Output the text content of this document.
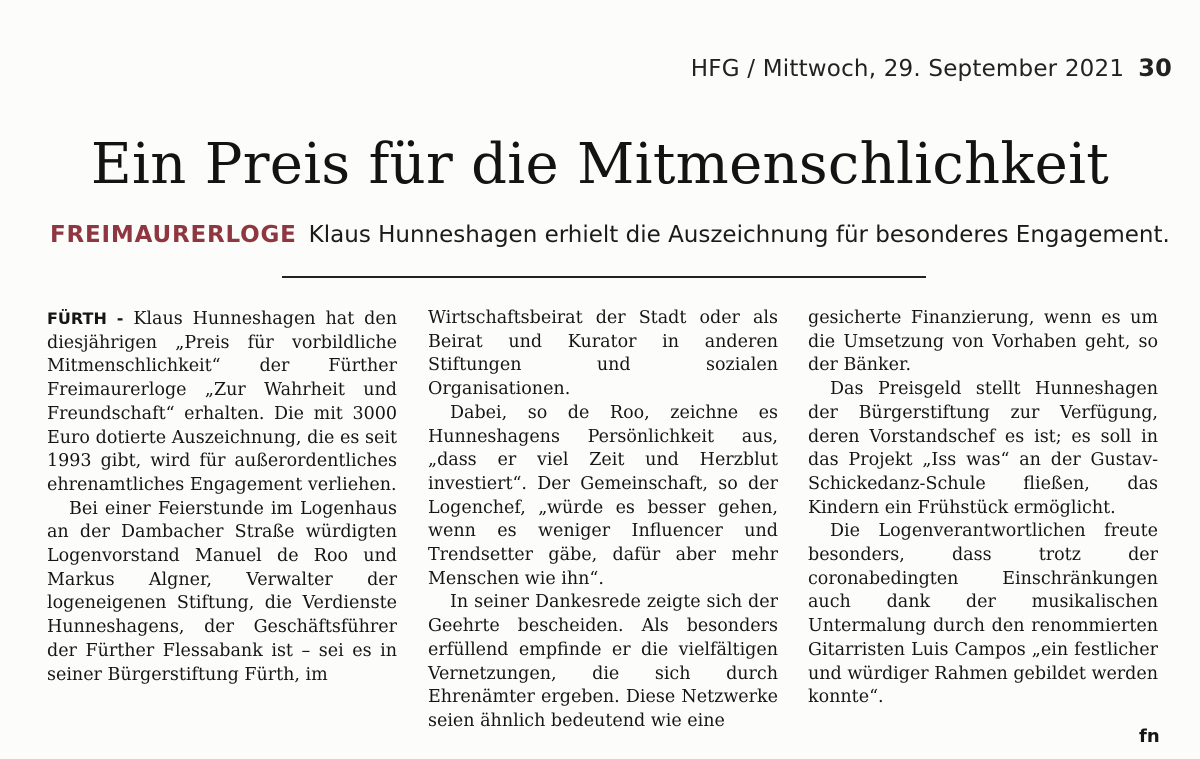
HFG / Mittwoch, 29. September 2021 30
Ein Preis für die Mitmenschlichkeit
FREIMAURERLOGE Klaus Hunneshagen erhielt die Auszeichnung für besonderes Engagement.

FÜRTH - Klaus Hunneshagen hat den diesjährigen „Preis für vorbildliche Mitmenschlichkeit“ der Fürther Freimaurerloge „Zur Wahrheit und Freundschaft“ erhalten. Die mit 3000 Euro dotierte Auszeichnung, die es seit 1993 gibt, wird für außerordentliches ehrenamtliches Engagement verliehen.

Bei einer Feierstunde im Logenhaus an der Dambacher Straße würdigten Logenvorstand Manuel de Roo und Markus Algner, Verwalter der logeneigenen Stiftung, die Verdienste Hunneshagens, der Geschäftsführer der Fürther Flessabank ist – sei es in seiner Bürgerstiftung Fürth, im

Wirtschaftsbeirat der Stadt oder als Beirat und Kurator in anderen Stiftungen und sozialen Organisationen.

Dabei, so de Roo, zeichne es Hunneshagens Persönlichkeit aus, „dass er viel Zeit und Herzblut investiert“. Der Gemeinschaft, so der Logenchef, „würde es besser gehen, wenn es weniger Influencer und Trendsetter gäbe, dafür aber mehr Menschen wie ihn“.

In seiner Dankesrede zeigte sich der Geehrte bescheiden. Als besonders erfüllend empfinde er die vielfältigen Vernetzungen, die sich durch Ehrenämter ergeben. Diese Netzwerke seien ähnlich bedeutend wie eine

gesicherte Finanzierung, wenn es um die Umsetzung von Vorhaben geht, so der Bänker.

Das Preisgeld stellt Hunneshagen der Bürgerstiftung zur Verfügung, deren Vorstandschef es ist; es soll in das Projekt „Iss was“ an der Gustav-Schickedanz-Schule fließen, das Kindern ein Frühstück ermöglicht.

Die Logenverantwortlichen freute besonders, dass trotz der coronabedingten Einschränkungen auch dank der musikalischen Untermalung durch den renommierten Gitarristen Luis Campos „ein festlicher und würdiger Rahmen gebildet werden konnte“.

fn
